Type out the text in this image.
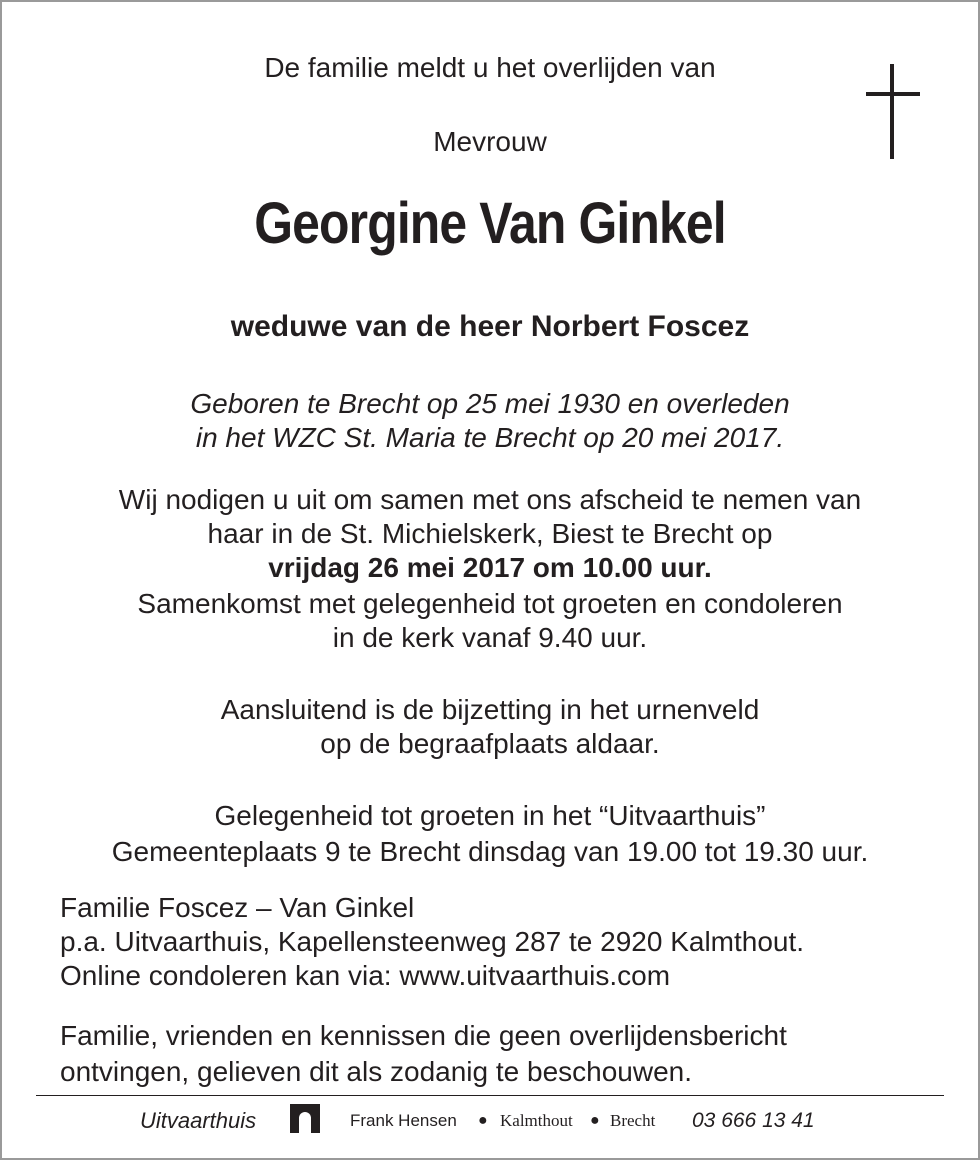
De familie meldt u het overlijden van

Mevrouw

Georgine Van Ginkel

weduwe van de heer Norbert Foscez

Geboren te Brecht op 25 mei 1930 en overleden

in het WZC St. Maria te Brecht op 20 mei 2017.

Wij nodigen u uit om samen met ons afscheid te nemen van

haar in de St. Michielskerk, Biest te Brecht op

vrijdag 26 mei 2017 om 10.00 uur.

Samenkomst met gelegenheid tot groeten en condoleren

in de kerk vanaf 9.40 uur.

Aansluitend is de bijzetting in het urnenveld

op de begraafplaats aldaar.

Gelegenheid tot groeten in het “Uitvaarthuis”

Gemeenteplaats 9 te Brecht dinsdag van 19.00 tot 19.30 uur.

Familie Foscez – Van Ginkel

p.a. Uitvaarthuis, Kapellensteenweg 287 te 2920 Kalmthout.

Online condoleren kan via: www.uitvaarthuis.com

Familie, vrienden en kennissen die geen overlijdensbericht

ontvingen, gelieven dit als zodanig te beschouwen.

Uitvaarthuis	Frank Hensen ● Kalmthout ● Brecht 03 666 13 41
